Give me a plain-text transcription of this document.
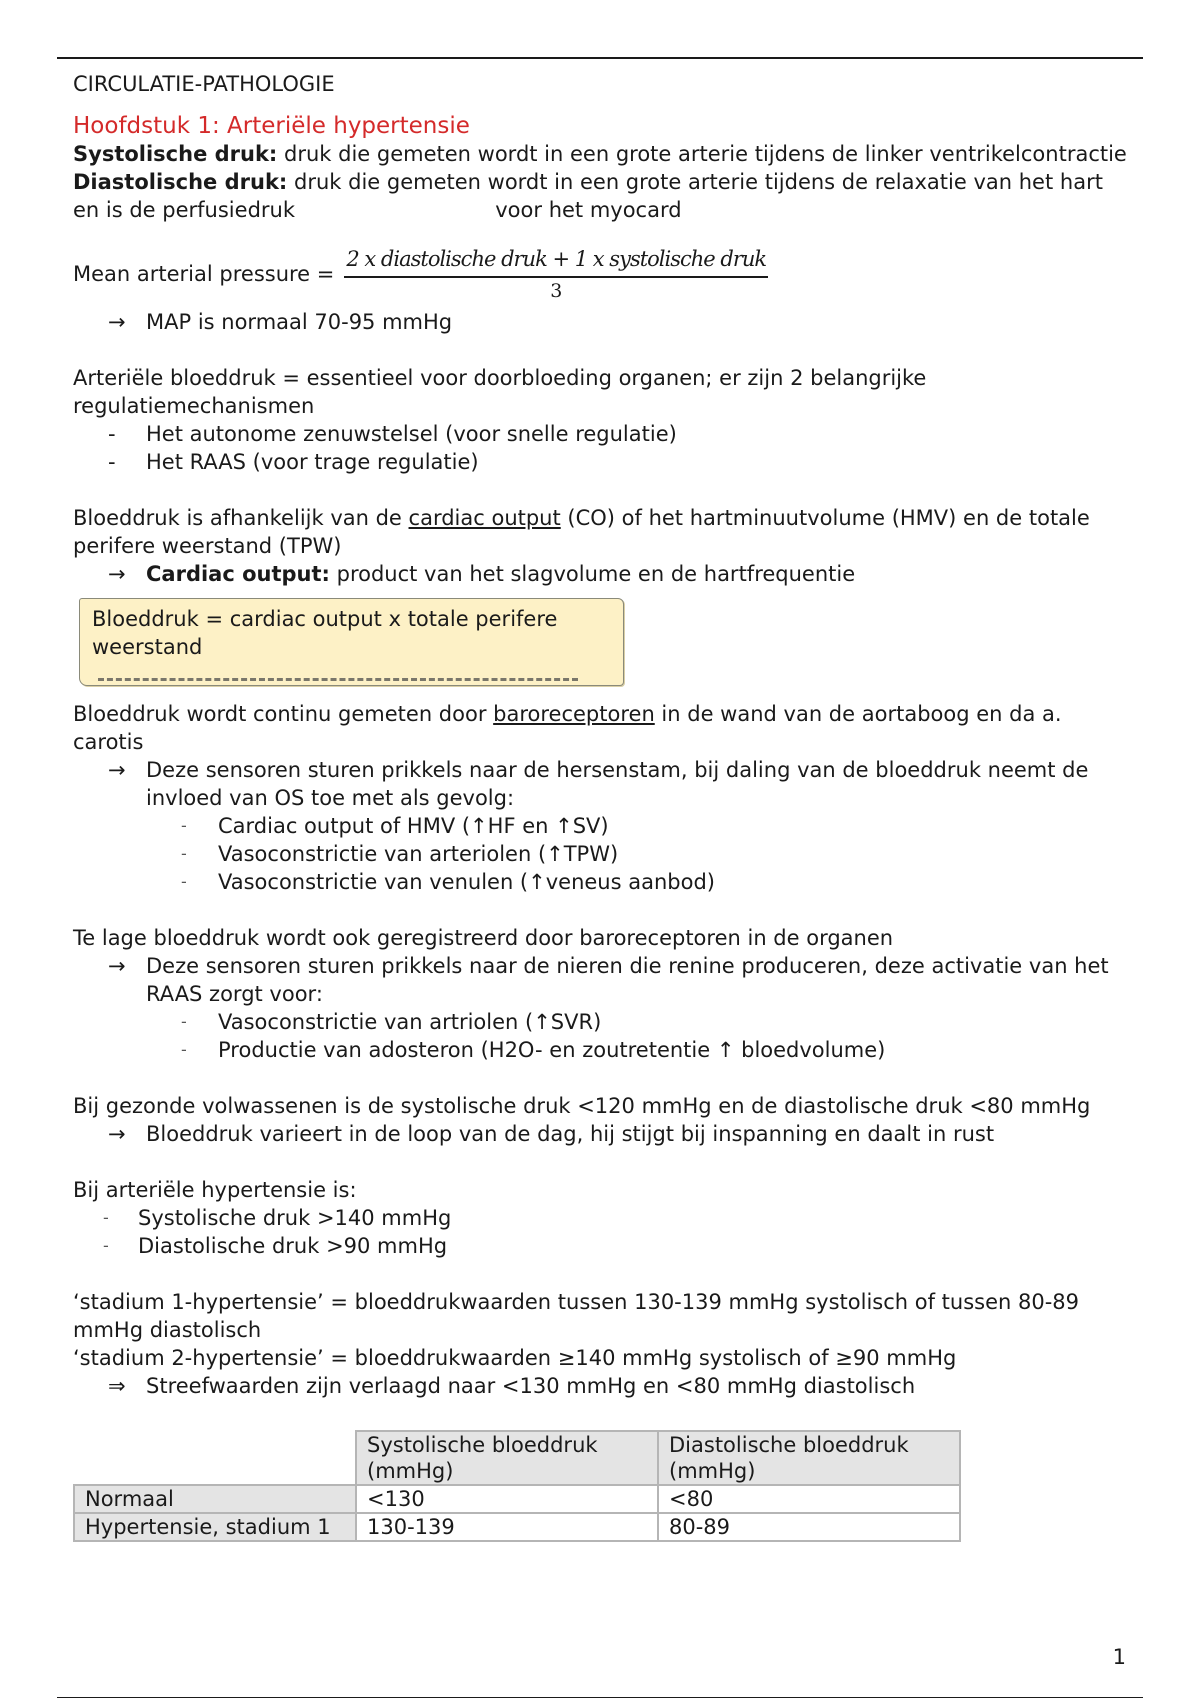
CIRCULATIE-PATHOLOGIE

Hoofdstuk 1: Arteriële hypertensie

Systolische druk: druk die gemeten wordt in een grote arterie tijdens de linker ventrikelcontractie

Diastolische druk: druk die gemeten wordt in een grote arterie tijdens de relaxatie van het hart en is de perfusiedruk                              voor het myocard

Mean arterial pressure = $\frac{\text{2 x diastolische druk + 1 x systolische druk}}{3}$

→ MAP is normaal 70-95 mmHg

Arteriële bloeddruk = essentieel voor doorbloeding organen; er zijn 2 belangrijke regulatiemechanismen

- Het autonome zenuwstelsel (voor snelle regulatie)

- Het RAAS (voor trage regulatie)

Bloeddruk is afhankelijk van de cardiac output (CO) of het hartminuutvolume (HMV) en de totale perifere weerstand (TPW)

→ Cardiac output: product van het slagvolume en de hartfrequentie

Bloeddruk = cardiac output x totale perifere weerstand

Bloeddruk wordt continu gemeten door baroreceptoren in de wand van de aortaboog en da a. carotis

→ Deze sensoren sturen prikkels naar de hersenstam, bij daling van de bloeddruk neemt de invloed van OS toe met als gevolg:

- Cardiac output of HMV (↑HF en ↑SV)

- Vasoconstrictie van arteriolen (↑TPW)

- Vasoconstrictie van venulen (↑veneus aanbod)

Te lage bloeddruk wordt ook geregistreerd door baroreceptoren in de organen

→ Deze sensoren sturen prikkels naar de nieren die renine produceren, deze activatie van het RAAS zorgt voor:

- Vasoconstrictie van artriolen (↑SVR)

- Productie van adosteron (H2O- en zoutretentie ↑ bloedvolume)

Bij gezonde volwassenen is de systolische druk <120 mmHg en de diastolische druk <80 mmHg

→ Bloeddruk varieert in de loop van de dag, hij stijgt bij inspanning en daalt in rust

Bij arteriële hypertensie is:

- Systolische druk >140 mmHg

- Diastolische druk >90 mmHg

‘stadium 1-hypertensie’ = bloeddrukwaarden tussen 130-139 mmHg systolisch of tussen 80-89 mmHg diastolisch

‘stadium 2-hypertensie’ = bloeddrukwaarden ≥140 mmHg systolisch of ≥90 mmHg

⇒ Streefwaarden zijn verlaagd naar <130 mmHg en <80 mmHg diastolisch

	Systolische bloeddruk (mmHg)	Diastolische bloeddruk (mmHg)
Normaal	<130	<80
Hypertensie, stadium 1	130-139	80-89
1
